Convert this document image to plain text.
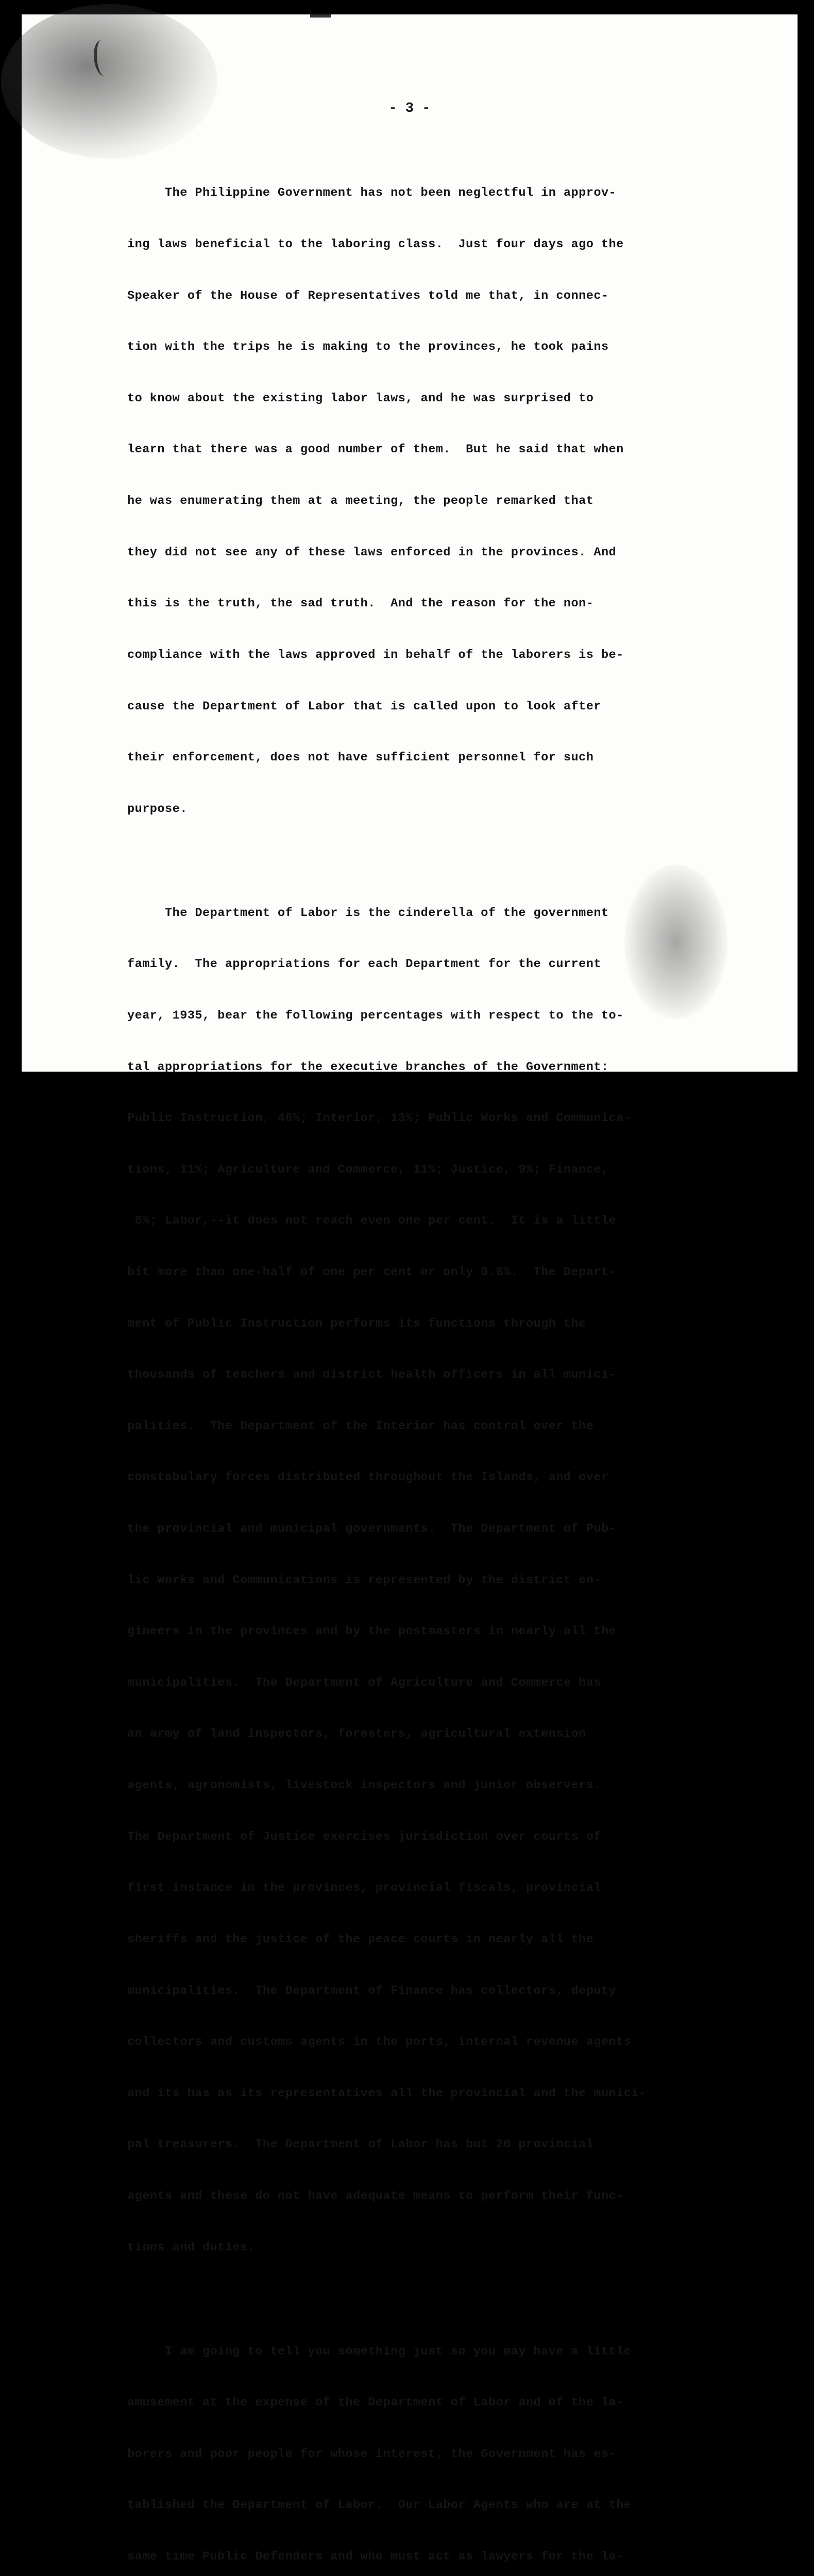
- 3 -

The Philippine Government has not been neglectful in approv-

ing laws beneficial to the laboring class.  Just four days ago the

Speaker of the House of Representatives told me that, in connec-

tion with the trips he is making to the provinces, he took pains

to know about the existing labor laws, and he was surprised to

learn that there was a good number of them.  But he said that when

he was enumerating them at a meeting, the people remarked that

they did not see any of these laws enforced in the provinces. And

this is the truth, the sad truth.  And the reason for the non-

compliance with the laws approved in behalf of the laborers is be-

cause the Department of Labor that is called upon to look after

their enforcement, does not have sufficient personnel for such

purpose.

The Department of Labor is the cinderella of the government

family.  The appropriations for each Department for the current

year, 1935, bear the following percentages with respect to the to-

tal appropriations for the executive branches of the Government:

Public Instruction, 46%; Interior, 13%; Public Works and Communica-

tions, 11%; Agriculture and Commerce, 11%; Justice, 9%; Finance,

8%; Labor,--it does not reach even one per cent.  It is a little

bit more than one-half of one per cent or only 0.6%.  The Depart-

ment of Public Instruction performs its functions through the

thousands of teachers and district health officers in all munici-

palities.  The Department of the Interior has control over the

constabulary forces distributed throughout the Islands, and over

the provincial and municipal governments.  The Department of Pub-

lic Works and Communications is represented by the district en-

gineers in the provinces and by the postmasters in nearly all the

municipalities.  The Department of Agriculture and Commerce has

an army of land inspectors, foresters, agricultural extension

agents, agronomists, livestock inspectors and junior observers.

The Department of Justice exercises jurisdiction over courts of

first instance in the provinces, provincial fiscals, provincial

sheriffs and the justice of the peace courts in nearly all the

municipalities.  The Department of Finance has collectors, deputy

collectors and customs agents in the ports, internal revenue agents

and its has as its representatives all the provincial and the munici-

pal treasurers.  The Department of Labor has but 20 provincial

agents and these do not have adequate means to perform their func-

tions and duties.

I am going to tell you something just so you may have a little

amusement at the expense of the Department of Labor and of the la-

borers and poor people for whose interest, the Government has es-

tablished the Department of Labor.  Our Labor Agents who are at the

same time Public Defenders and who must act as lawyers for the la-
